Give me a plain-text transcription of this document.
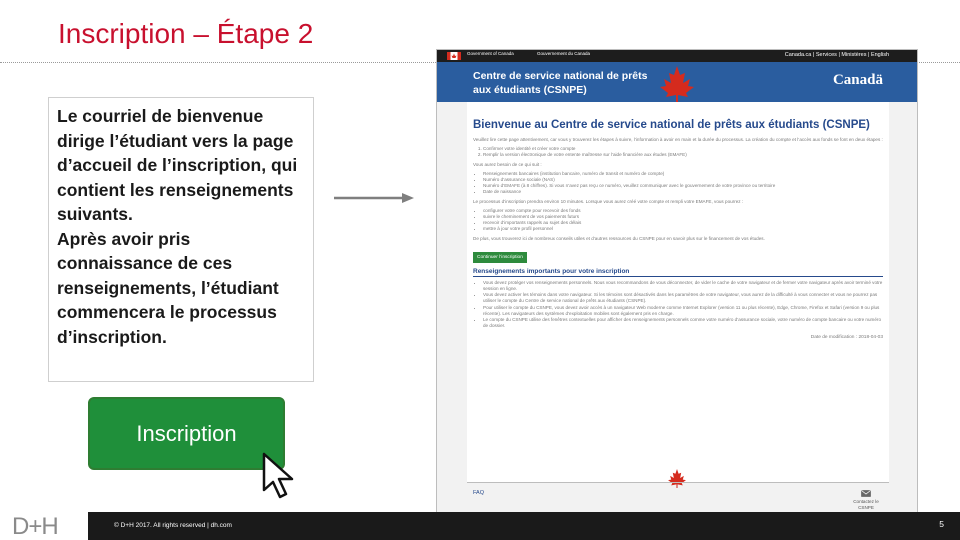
Inscription – Étape 2

Le courriel de bienvenue dirige l’étudiant vers la page d’accueil de l’inscription, qui contient les renseignements suivants.

Après avoir pris connaissance de ces renseignements, l’étudiant commencera le processus d’inscription.

Inscription
Government of Canada	Gouvernement du Canada	Canada.ca | Services | Ministères | English
Centre de service national de prêts aux étudiants (CSNPE)
Canadä
Bienvenue au Centre de service national de prêts aux étudiants (CSNPE)
Veuillez lire cette page attentivement, car vous y trouverez les étapes à suivre, l’information à avoir en main et la durée du processus. La création du compte et l’accès aux fonds se font en deux étapes :
1. Confirmer votre identité et créer votre compte
2. Remplir la version électronique de votre entente maîtresse sur l’aide financière aux études (EMAFE)
Vous aurez besoin de ce qui suit :
• Renseignements bancaires (institution bancaire, numéro de transit et numéro de compte)
• Numéro d’assurance sociale (NAS)
• Numéro d’EMAFE (à 8 chiffres). Si vous n’avez pas reçu ce numéro, veuillez communiquer avec le gouvernement de votre province ou territoire
• Date de naissance
Le processus d’inscription prendra environ 10 minutes. Lorsque vous aurez créé votre compte et rempli votre EMAFE, vous pourrez :
• configurer votre compte pour recevoir des fonds
• suivre le cheminement de vos paiements futurs
• recevoir d’importants rappels au sujet des délais
• mettre à jour votre profil personnel
De plus, vous trouverez ici de nombreux conseils utiles et d’autres ressources du CSNPE pour en savoir plus sur le financement de vos études.
Continuer l’inscription
Renseignements importants pour votre inscription
• Vous devez protéger vos renseignements personnels. Nous vous recommandons de vous déconnecter, de vider le cache de votre navigateur et de fermer votre navigateur après avoir terminé votre session en ligne.
• Vous devez activer les témoins dans votre navigateur. Si les témoins sont désactivés dans les paramètres de votre navigateur, vous aurez de la difficulté à vous connecter et vous ne pourrez pas utiliser le compte du Centre de service national de prêts aux étudiants (CSNPE).
• Pour utiliser le compte du CSNPE, vous devez avoir accès à un navigateur Web moderne comme Internet Explorer (version 11 ou plus récente), Edge, Chrome, Firefox et Safari (version 9 ou plus récente). Les navigateurs des systèmes d’exploitation mobiles sont également pris en charge.
• Le compte du CSNPE utilise des fenêtres contextuelles pour afficher des renseignements personnels comme votre numéro d’assurance sociale, votre numéro de compte bancaire ou votre numéro de dossier.
Date de modification : 2018-04-03
FAQ
Contactez le CSNPE
D+H	© D+H 2017. All rights reserved | dh.com	5
